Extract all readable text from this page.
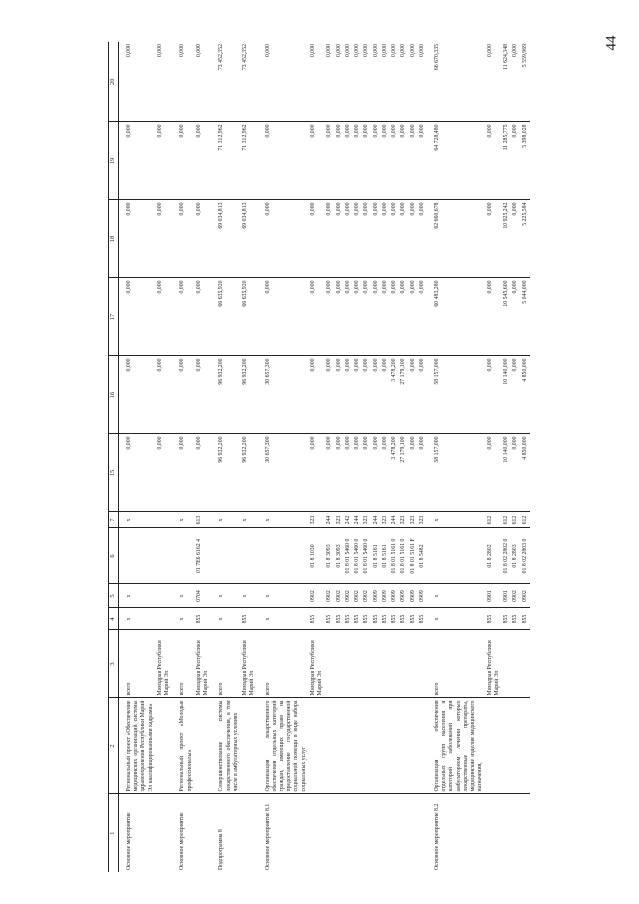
44
1	2	3	4	5	6	7	15	16	17	18	19	20
Основное мероприятие	Региональный проект «Обеспечение медицинских организаций системы здравоохранения Республики Марий Эл квалифицированными кадрами»	всего	х	х		х	0,000	0,000	0,000	0,000	0,000	0,000
		Минздрав Республики Марий Эл					0,000	0,000	0,000	0,000	0,000	0,000
Основное мероприятие	Региональный проект «Молодые профессионалы»	всего	х	х		х	0,000	0,000	0,000	0,000	0,000	0,000
		Минздрав Республики Марий Эл	855	0704	01 7Е6 6162 4	613	0,000	0,000	0,000	0,000	0,000	0,000
Подпрограмма 8	Совершенствование системы лекарственного обеспечения, в том числе в амбулаторных условиях	всего	х	х		х	96 932,200	96 932,200	66 635,920	69 034,813	71 312,962	73 452,352
		Минздрав Республики Марий Эл	855	х		х	96 932,200	96 932,200	66 635,920	69 034,813	71 312,962	73 452,352
Основное мероприятие 8.1	Организация лекарственного обеспечения отдельных категорий граждан, имеющих право на предоставление государственной социальной помощи в виде набора социальных услуг	всего	х	х		х	30 657,300	30 657,300	0,000	0,000	0,000	0,000
		Минздрав Республики Марий Эл	855	0902	01 8 1030	323	0,000	0,000	0,000	0,000	0,000	0,000
			855	0902	01 8 3093	244	0,000	0,000	0,000	0,000	0,000	0,000
			855	0902	01 8 3093	323	0,000	0,000	0,000	0,000	0,000	0,000
			855	0902	01 8 01 5460 0	242	0,000	0,000	0,000	0,000	0,000	0,000
			855	0902	01 8 01 5460 0	244	0,000	0,000	0,000	0,000	0,000	0,000
			855	0902	01 8 01 5460 0	323	0,000	0,000	0,000	0,000	0,000	0,000
			855	0909	01 8 5161	244	0,000	0,000	0,000	0,000	0,000	0,000
			855	0909	01 8 5161	323	0,000	0,000	0,000	0,000	0,000	0,000
			855	0909	01 8 01 5161 0	244	3 478,200	3 478,200	0,000	0,000	0,000	0,000
			855	0909	01 8 01 5161 0	323	27 179,100	27 179,100	0,000	0,000	0,000	0,000
			855	0909	01 8 01 5161 F	323	0,000	0,000	0,000	0,000	0,000	0,000
			855	0909	01 8 5482	323	0,000	0,000	0,000	0,000	0,000	0,000
Основное мероприятие 8.2	Организация обеспечения отдельных групп населения и категорий заболеваний при амбулаторном лечении которых лекарственные препараты, медицинские изделия медицинского назначения,	всего	х	х		х	58 157,000	58 157,000	60 483,280	62 660,678	64 728,480	66 670,335
		Минздрав Республики Марий Эл	855	0901	01 8 2802	612	0,000	0,000	0,000	0,000	0,000	0,000
			855	0901	01 8 02 2802 0	612	10 140,000	10 140,000	10 545,600	10 925,242	11 285,775	11 624,348
			855	0902	01 8 2803	612	0,000	0,000	0,000	0,000	0,000	0,000
			855	0902	01 8 02 2803 0	612	4 850,000	4 850,000	5 044,000	5 225,584	5 398,028	5 559,969
